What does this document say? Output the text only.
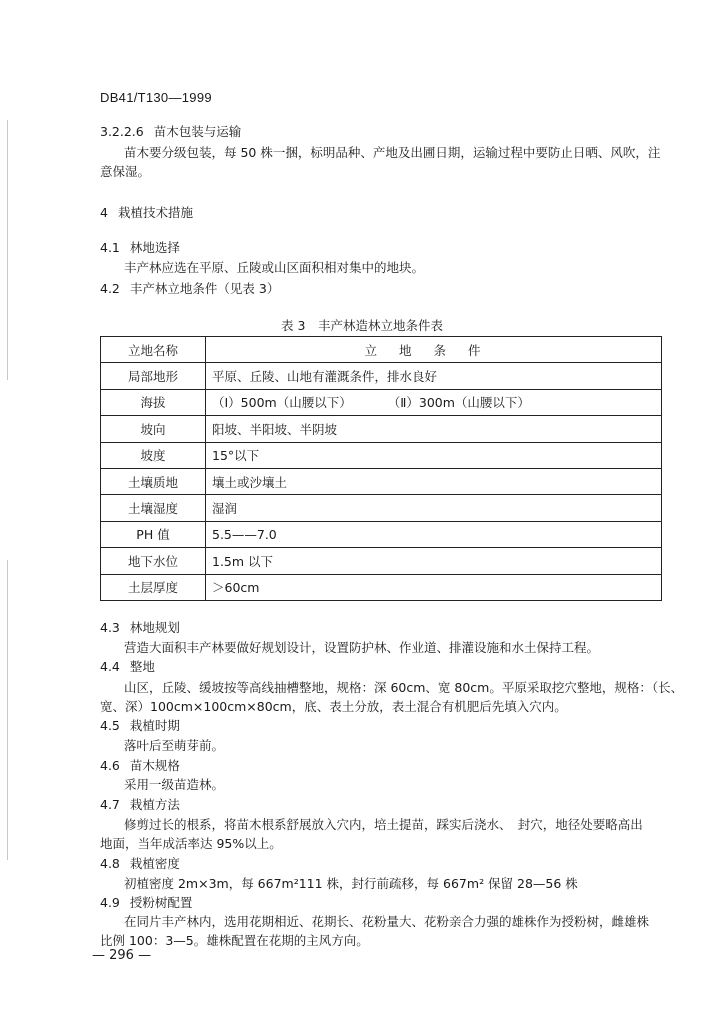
DB41/T130—1999
3.2.2.6 苗木包装与运输
苗木要分级包装，每 50 株一捆，标明品种、产地及出圃日期，运输过程中要防止日晒、风吹，注
意保湿。
4 栽植技术措施
4.1 林地选择
丰产林应选在平原、丘陵或山区面积相对集中的地块。
4.2 丰产林立地条件（见表 3）
表 3　丰产林造林立地条件表
立地名称	立地条件
局部地形	平原、丘陵、山地有灌溉条件，排水良好
海拔	（Ⅰ）500m（山腰以下） （Ⅱ）300m（山腰以下）
坡向	阳坡、半阳坡、半阴坡
坡度	15°以下
土壤质地	壤土或沙壤土
土壤湿度	湿润
PH 值	5.5——7.0
地下水位	1.5m 以下
土层厚度	＞60cm
4.3 林地规划
营造大面积丰产林要做好规划设计，设置防护林、作业道、排灌设施和水土保持工程。
4.4 整地
山区，丘陵、缓坡按等高线抽槽整地，规格：深 60cm、宽 80cm。平原采取挖穴整地，规格：（长、
宽、深）100cm×100cm×80cm，底、表土分放，表土混合有机肥后先填入穴内。
4.5 栽植时期
落叶后至萌芽前。
4.6 苗木规格
采用一级苗造林。
4.7 栽植方法
修剪过长的根系，将苗木根系舒展放入穴内，培土提苗，踩实后浇水、　封穴，地径处要略高出
地面，当年成活率达 95%以上。
4.8 栽植密度
初植密度 2m×3m，每 667m²111 株，封行前疏移，每 667m² 保留 28—56 株
4.9 授粉树配置
在同片丰产林内，选用花期相近、花期长、花粉量大、花粉亲合力强的雄株作为授粉树，雌雄株
比例 100：3—5。雄株配置在花期的主风方向。
— 296 —
